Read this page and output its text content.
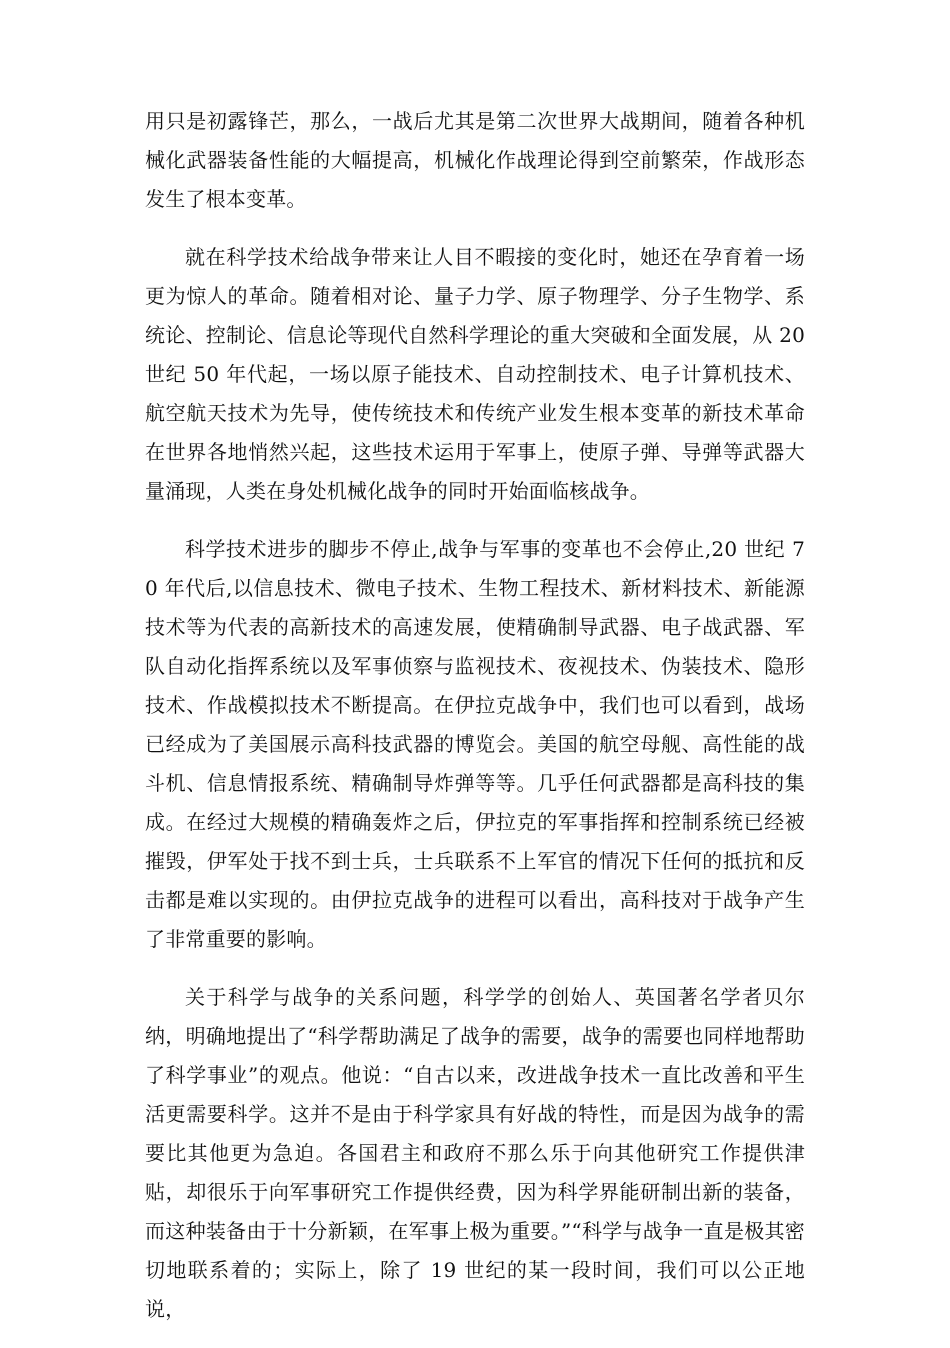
用只是初露锋芒，那么，一战后尤其是第二次世界大战期间，随着各种机械化武器装备性能的大幅提高，机械化作战理论得到空前繁荣，作战形态发生了根本变革。

就在科学技术给战争带来让人目不暇接的变化时，她还在孕育着一场更为惊人的革命。随着相对论、量子力学、原子物理学、分子生物学、系统论、控制论、信息论等现代自然科学理论的重大突破和全面发展，从 20 世纪 50 年代起，一场以原子能技术、自动控制技术、电子计算机技术、航空航天技术为先导，使传统技术和传统产业发生根本变革的新技术革命在世界各地悄然兴起，这些技术运用于军事上，使原子弹、导弹等武器大量涌现，人类在身处机械化战争的同时开始面临核战争。

科学技术进步的脚步不停止,战争与军事的变革也不会停止,20 世纪 70 年代后,以信息技术、微电子技术、生物工程技术、新材料技术、新能源技术等为代表的高新技术的高速发展，使精确制导武器、电子战武器、军队自动化指挥系统以及军事侦察与监视技术、夜视技术、伪装技术、隐形技术、作战模拟技术不断提高。在伊拉克战争中，我们也可以看到，战场已经成为了美国展示高科技武器的博览会。美国的航空母舰、高性能的战斗机、信息情报系统、精确制导炸弹等等。几乎任何武器都是高科技的集成。在经过大规模的精确轰炸之后，伊拉克的军事指挥和控制系统已经被摧毁，伊军处于找不到士兵，士兵联系不上军官的情况下任何的抵抗和反击都是难以实现的。由伊拉克战争的进程可以看出，高科技对于战争产生了非常重要的影响。

关于科学与战争的关系问题，科学学的创始人、英国著名学者贝尔纳，明确地提出了“科学帮助满足了战争的需要，战争的需要也同样地帮助了科学事业”的观点。他说：“自古以来，改进战争技术一直比改善和平生活更需要科学。这并不是由于科学家具有好战的特性，而是因为战争的需要比其他更为急迫。各国君主和政府不那么乐于向其他研究工作提供津贴，却很乐于向军事研究工作提供经费，因为科学界能研制出新的装备，而这种装备由于十分新颖，在军事上极为重要。”“科学与战争一直是极其密切地联系着的；实际上，除了 19 世纪的某一段时间，我们可以公正地说，
